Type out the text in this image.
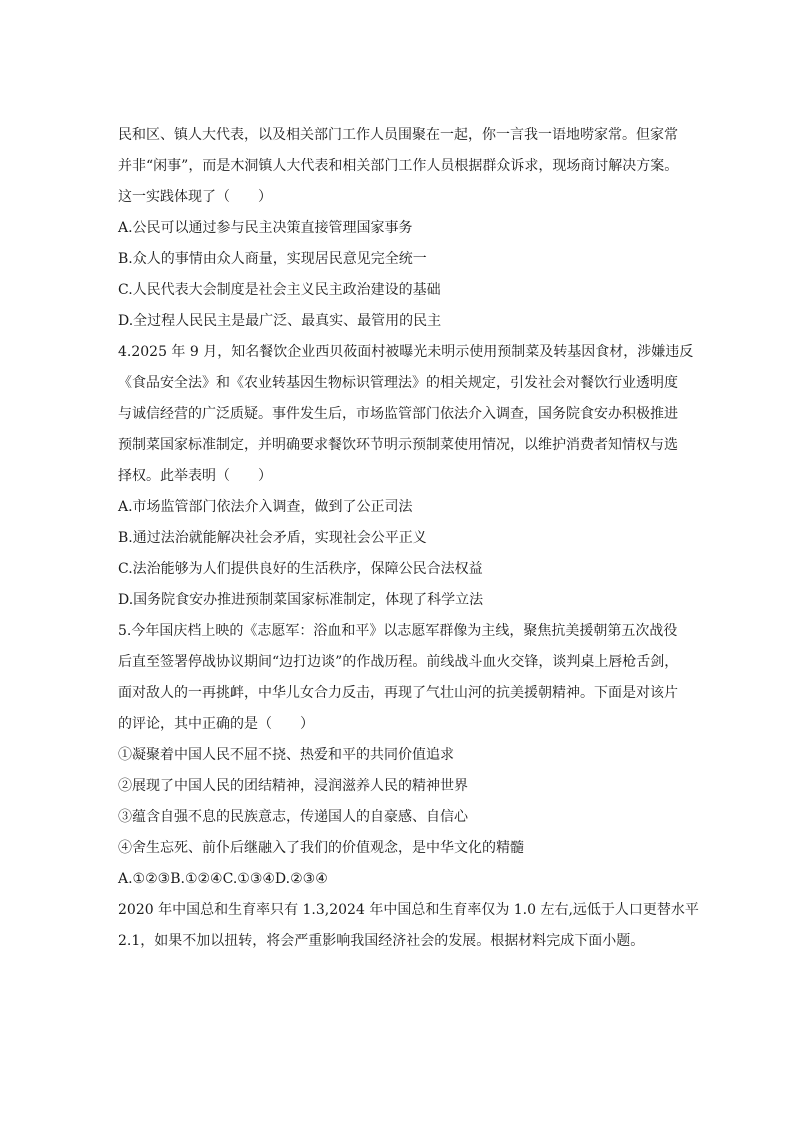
民和区、镇人大代表，以及相关部门工作人员围聚在一起，你一言我一语地唠家常。但家常
并非“闲事”，而是木洞镇人大代表和相关部门工作人员根据群众诉求，现场商讨解决方案。
这一实践体现了（　　）
A.公民可以通过参与民主决策直接管理国家事务
B.众人的事情由众人商量，实现居民意见完全统一
C.人民代表大会制度是社会主义民主政治建设的基础
D.全过程人民民主是最广泛、最真实、最管用的民主
4.2025 年 9 月，知名餐饮企业西贝莜面村被曝光未明示使用预制菜及转基因食材，涉嫌违反
《食品安全法》和《农业转基因生物标识管理法》的相关规定，引发社会对餐饮行业透明度
与诚信经营的广泛质疑。事件发生后，市场监管部门依法介入调查，国务院食安办积极推进
预制菜国家标准制定，并明确要求餐饮环节明示预制菜使用情况，以维护消费者知情权与选
择权。此举表明（　　）
A.市场监管部门依法介入调查，做到了公正司法
B.通过法治就能解决社会矛盾，实现社会公平正义
C.法治能够为人们提供良好的生活秩序，保障公民合法权益
D.国务院食安办推进预制菜国家标准制定，体现了科学立法
5.今年国庆档上映的《志愿军：浴血和平》以志愿军群像为主线，聚焦抗美援朝第五次战役
后直至签署停战协议期间“边打边谈”的作战历程。前线战斗血火交锋，谈判桌上唇枪舌剑，
面对敌人的一再挑衅，中华儿女合力反击，再现了气壮山河的抗美援朝精神。下面是对该片
的评论，其中正确的是（　　）
①凝聚着中国人民不屈不挠、热爱和平的共同价值追求
②展现了中国人民的团结精神，浸润滋养人民的精神世界
③蕴含自强不息的民族意志，传递国人的自豪感、自信心
④舍生忘死、前仆后继融入了我们的价值观念，是中华文化的精髓
A.①②③B.①②④C.①③④D.②③④
2020 年中国总和生育率只有 1.3,2024 年中国总和生育率仅为 1.0 左右,远低于人口更替水平
2.1，如果不加以扭转，将会严重影响我国经济社会的发展。根据材料完成下面小题。
